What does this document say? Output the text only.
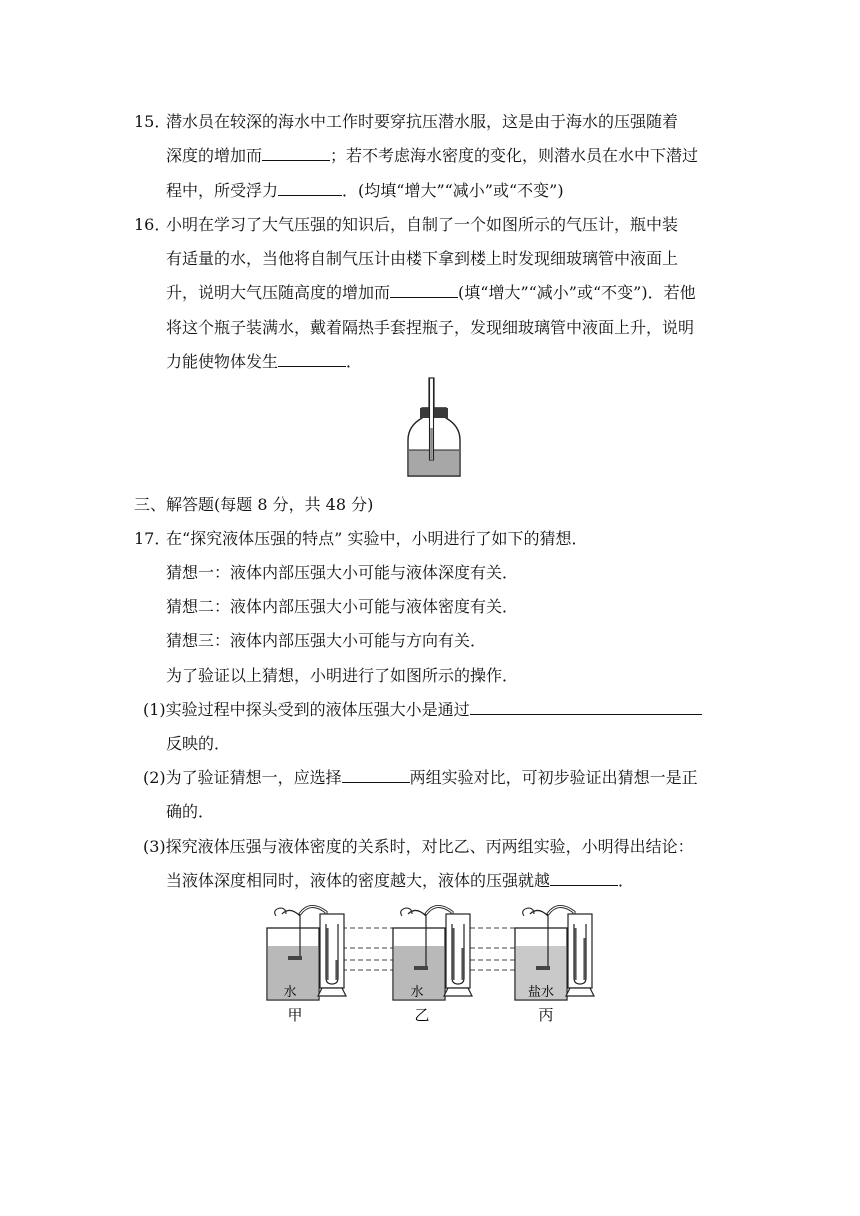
15．
潜水员在较深的海水中工作时要穿抗压潜水服，这是由于海水的压强随着
深度的增加而	；若不考虑海水密度的变化，则潜水员在水中下潜过
程中，所受浮力	．(均填“增大”“减小”或“不变”)
16．
小明在学习了大气压强的知识后，自制了一个如图所示的气压计，瓶中装
有适量的水，当他将自制气压计由楼下拿到楼上时发现细玻璃管中液面上
升，说明大气压随高度的增加而	(填“增大”“减小”或“不变”)．若他
将这个瓶子装满水，戴着隔热手套捏瓶子，发现细玻璃管中液面上升，说明
力能使物体发生	．
三、解答题(每题 8 分，共 48 分)
17．
在“探究液体压强的特点” 实验中，小明进行了如下的猜想．
猜想一：液体内部压强大小可能与液体深度有关．
猜想二：液体内部压强大小可能与液体密度有关．
猜想三：液体内部压强大小可能与方向有关．
为了验证以上猜想，小明进行了如图所示的操作．
(1)实验过程中探头受到的液体压强大小是通过
反映的．
(2)为了验证猜想一，应选择	两组实验对比，可初步验证出猜想一是正
确的．
(3)探究液体压强与液体密度的关系时，对比乙、丙两组实验，小明得出结论：
当液体深度相同时，液体的密度越大，液体的压强就越	．
水	水	盐水
甲	乙	丙
